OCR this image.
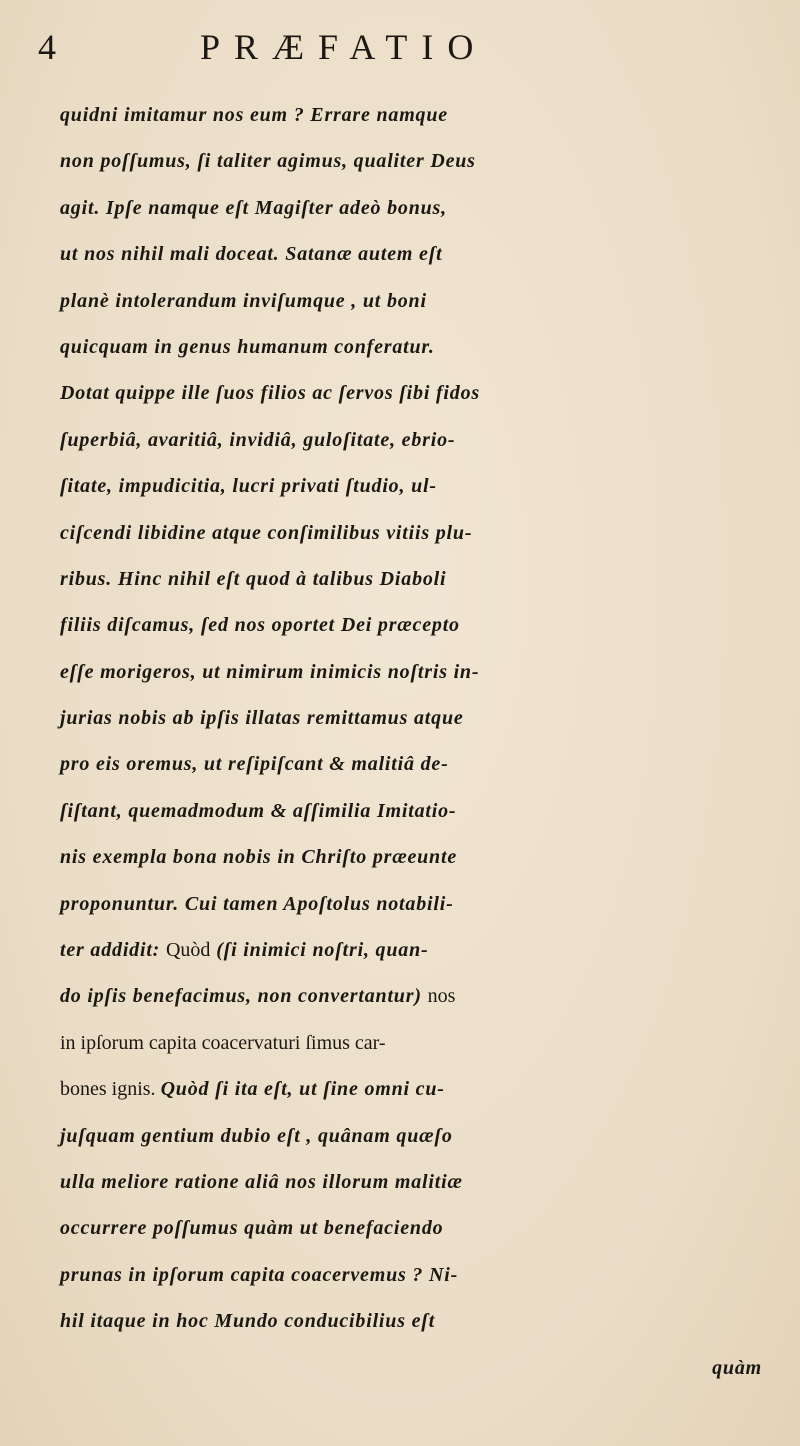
4	PRÆFATIO
quidni imitamur nos eum ? Errare namque
non poſſumus, ſi taliter agimus, qualiter Deus
agit. Ipſe namque eſt Magiſter adeò bonus,
ut nos nihil mali doceat. Satanæ autem eſt
planè intolerandum inviſumque , ut boni
quicquam in genus humanum conferatur.
Dotat quippe ille ſuos filios ac ſervos ſibi fidos
ſuperbiâ, avaritiâ, invidiâ, guloſitate, ebrio-
ſitate, impudicitia, lucri privati ſtudio, ul-
ciſcendi libidine atque conſimilibus vitiis plu-
ribus. Hinc nihil eſt quod à talibus Diaboli
filiis diſcamus, ſed nos oportet Dei præcepto
eſſe morigeros, ut nimirum inimicis noſtris in-
jurias nobis ab ipſis illatas remittamus atque
pro eis oremus, ut reſipiſcant & malitiâ de-
ſiſtant, quemadmodum & aſſimilia Imitatio-
nis exempla bona nobis in Chriſto præeunte
proponuntur. Cui tamen Apoſtolus notabili-
ter addidit: Quòd (ſi inimici noſtri, quan-
do ipſis benefacimus, non convertantur) nos
in ipſorum capita coacervaturi ſimus car-
bones ignis. Quòd ſi ita eſt, ut ſine omni cu-
juſquam gentium dubio eſt , quânam quæſo
ulla meliore ratione aliâ nos illorum malitiæ
occurrere poſſumus quàm ut benefaciendo
prunas in ipſorum capita coacervemus ? Ni-
hil itaque in hoc Mundo conducibilius eſt
quàm
